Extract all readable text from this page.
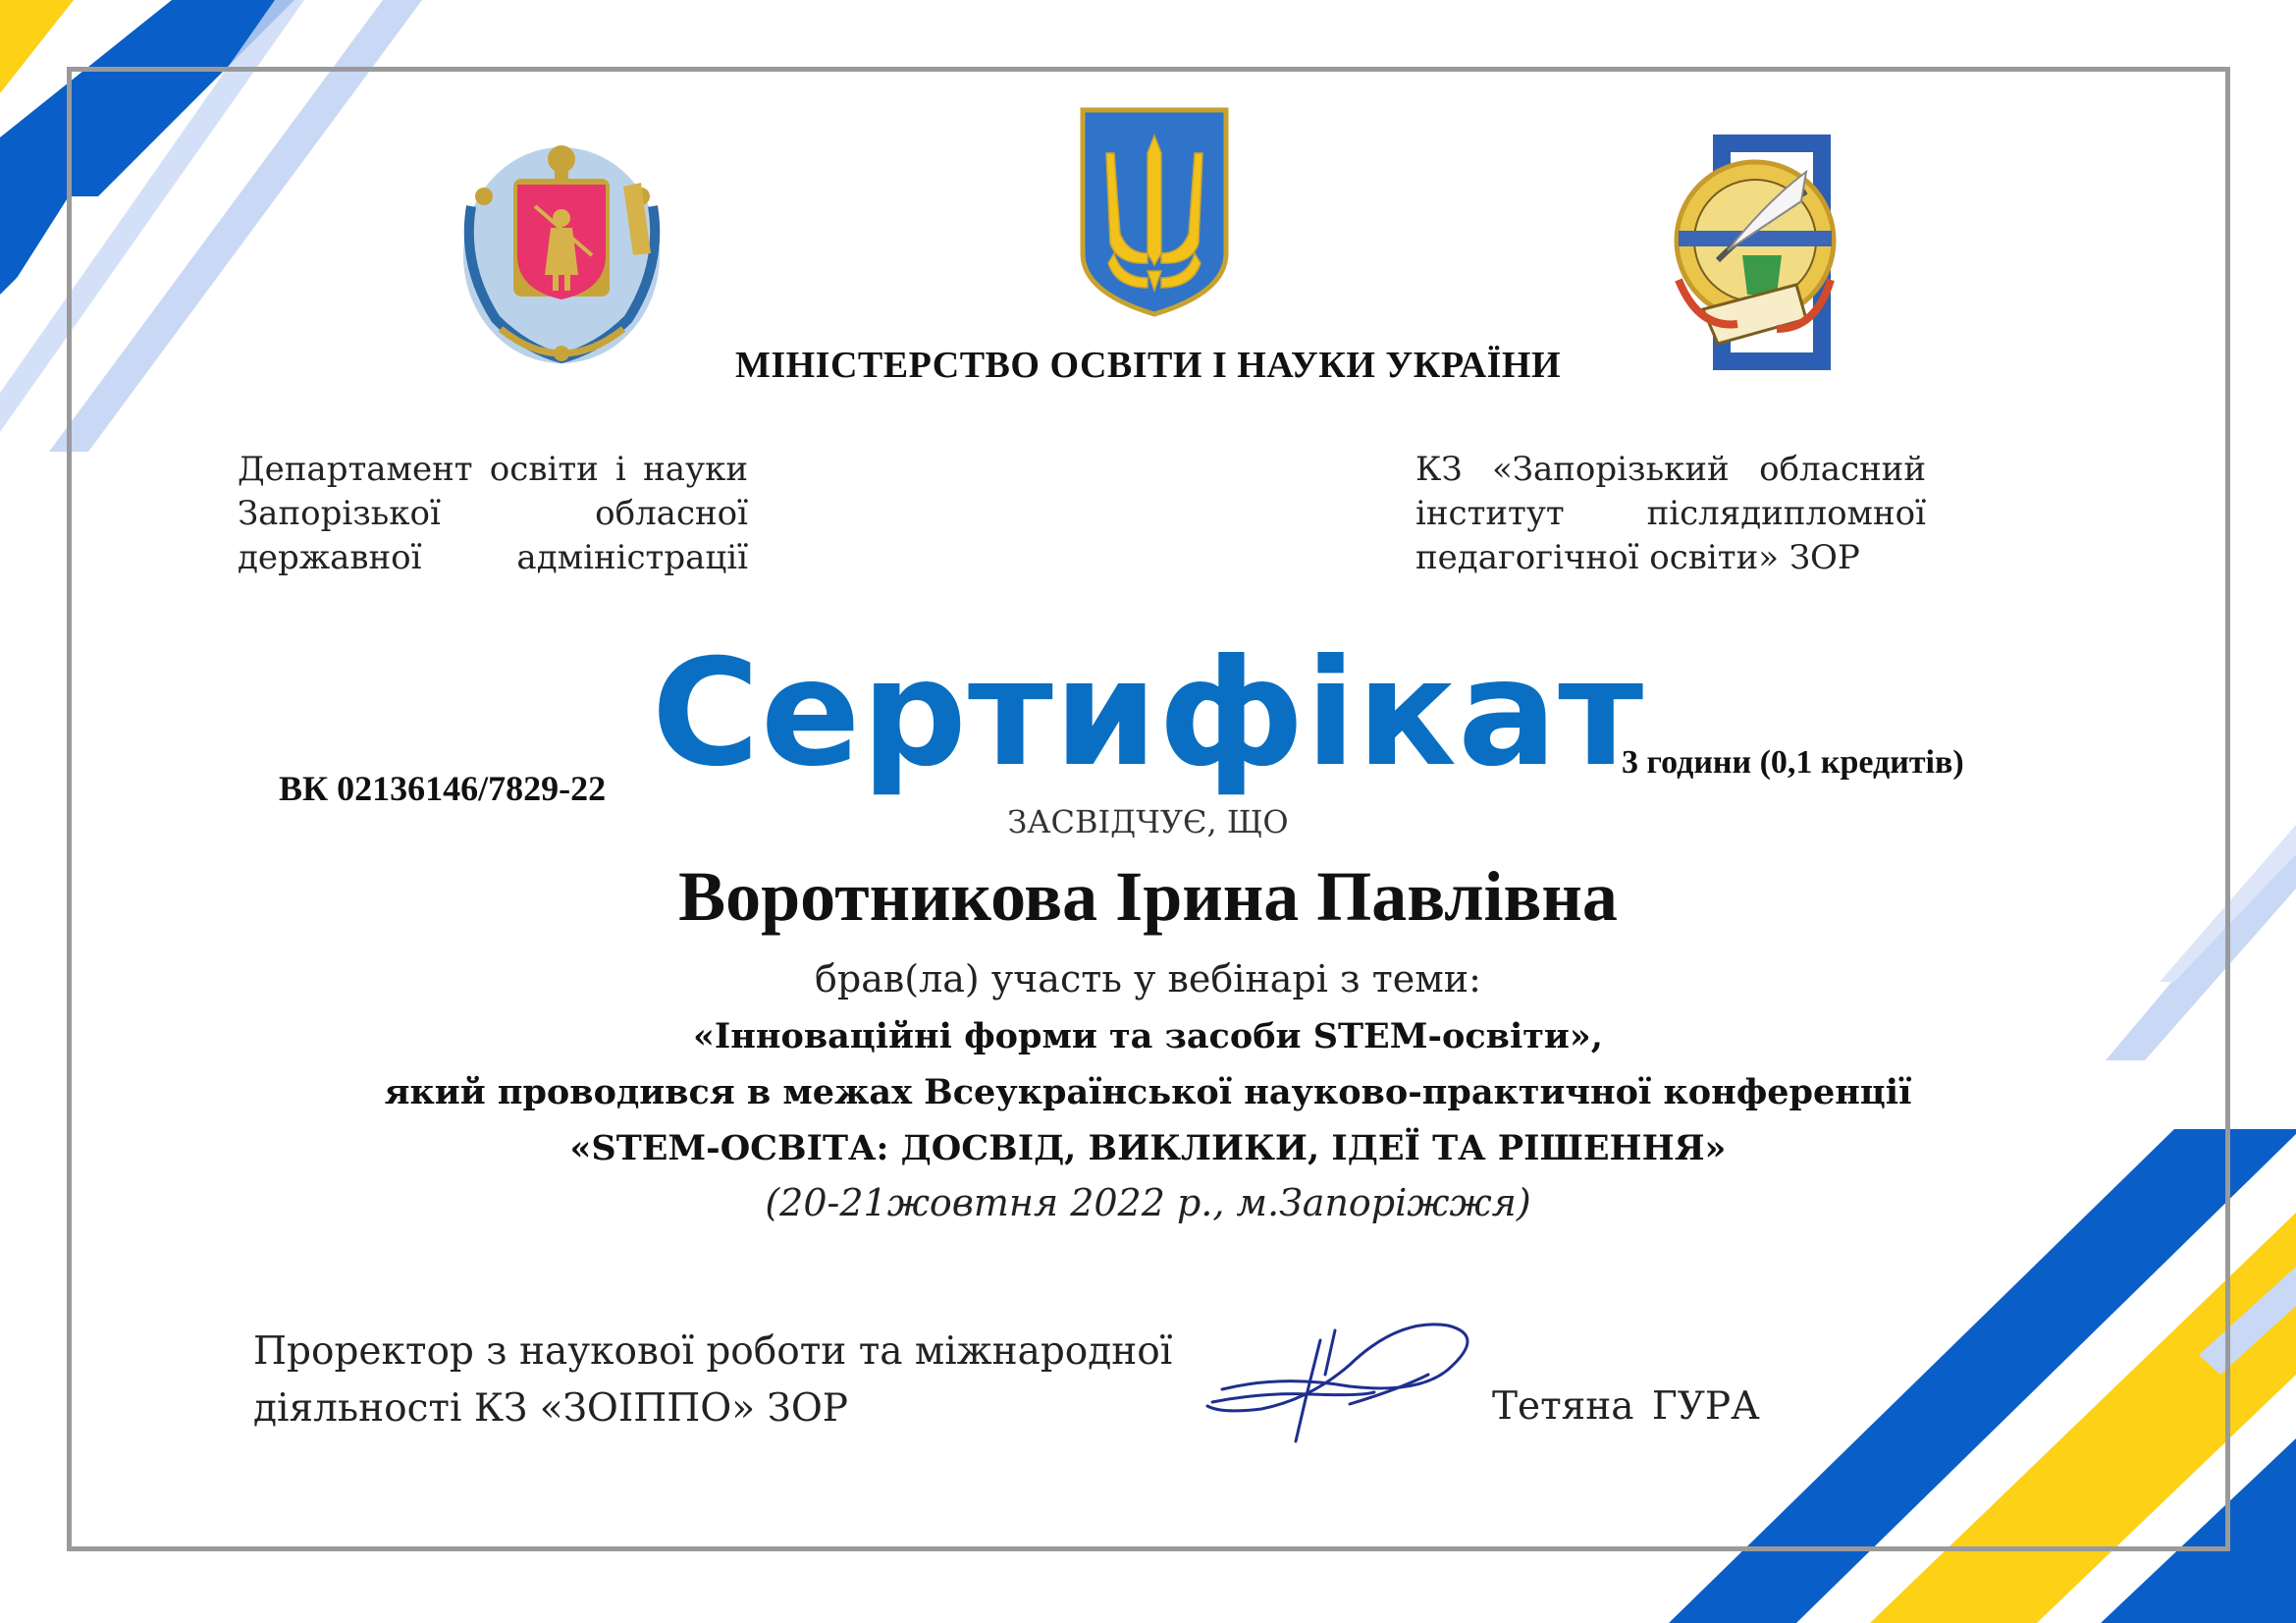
МІНІСТЕРСТВО ОСВІТИ І НАУКИ УКРАЇНИ
Департамент освіти і науки
Запорізької обласної
державної адміністрації
КЗ «Запорізький обласний
інститут післядипломної
педагогічної освіти» ЗОР
Сертифікат
ВК 02136146/7829-22
3 години (0,1 кредитів)
ЗАСВІДЧУЄ, ЩО
Воротникова Ірина Павлівна
брав(ла) участь у вебінарі з теми:
«Інноваційні форми та засоби STEM-освіти»,
який проводився в межах Всеукраїнської науково-практичної конференції
«STEM-ОСВІТА: ДОСВІД, ВИКЛИКИ, ІДЕЇ ТА РІШЕННЯ»
(20-21жовтня 2022 р., м.Запоріжжя)
Проректор з наукової роботи та міжнародної
діяльності КЗ «ЗОІППО» ЗОР	Тетяна ГУРА
